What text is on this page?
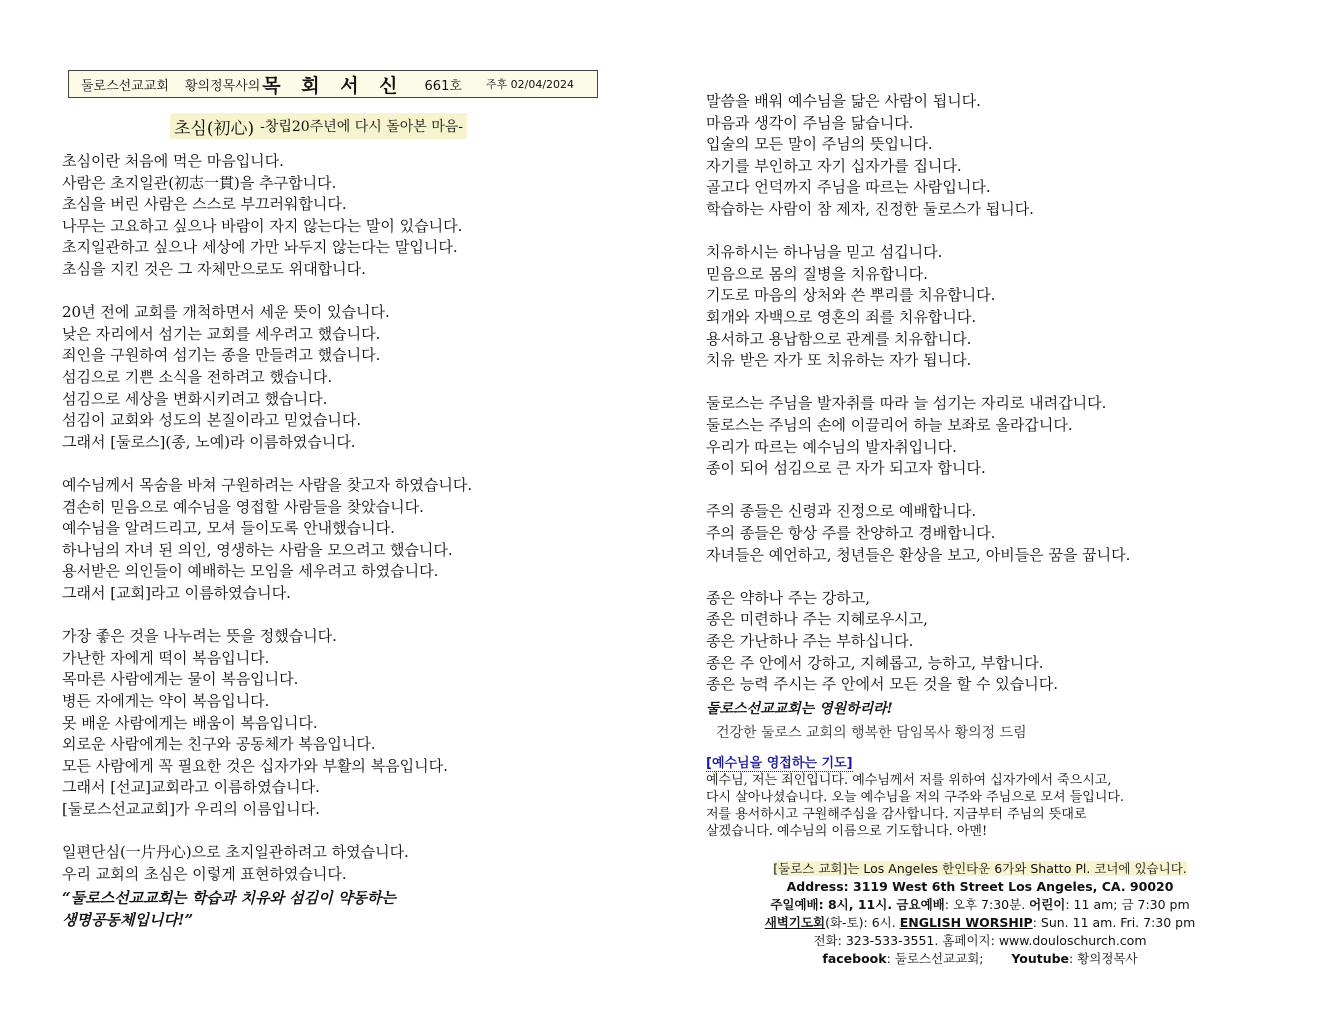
둘로스선교교회 황의정목사의 목 회 서 신 661호 주후 02/04/2024
초심(初心) -창립20주년에 다시 돌아본 마음-
초심이란 처음에 먹은 마음입니다.
사람은 초지일관(初志一貫)을 추구합니다.
초심을 버린 사람은 스스로 부끄러워합니다.
나무는 고요하고 싶으나 바람이 자지 않는다는 말이 있습니다.
초지일관하고 싶으나 세상에 가만 놔두지 않는다는 말입니다.
초심을 지킨 것은 그 자체만으로도 위대합니다.
20년 전에 교회를 개척하면서 세운 뜻이 있습니다.
낮은 자리에서 섬기는 교회를 세우려고 했습니다.
죄인을 구원하여 섬기는 종을 만들려고 했습니다.
섬김으로 기쁜 소식을 전하려고 했습니다.
섬김으로 세상을 변화시키려고 했습니다.
섬김이 교회와 성도의 본질이라고 믿었습니다.
그래서 [둘로스](종, 노예)라 이름하였습니다.
예수님께서 목숨을 바쳐 구원하려는 사람을 찾고자 하였습니다.
겸손히 믿음으로 예수님을 영접할 사람들을 찾았습니다.
예수님을 알려드리고, 모셔 들이도록 안내했습니다.
하나님의 자녀 된 의인, 영생하는 사람을 모으려고 했습니다.
용서받은 의인들이 예배하는 모임을 세우려고 하였습니다.
그래서 [교회]라고 이름하였습니다.
가장 좋은 것을 나누려는 뜻을 정했습니다.
가난한 자에게 떡이 복음입니다.
목마른 사람에게는 물이 복음입니다.
병든 자에게는 약이 복음입니다.
못 배운 사람에게는 배움이 복음입니다.
외로운 사람에게는 친구와 공동체가 복음입니다.
모든 사람에게 꼭 필요한 것은 십자가와 부활의 복음입니다.
그래서 [선교]교회라고 이름하였습니다.
[둘로스선교교회]가 우리의 이름입니다.
일편단심(一片丹心)으로 초지일관하려고 하였습니다.
우리 교회의 초심은 이렇게 표현하였습니다.
“둘로스선교교회는 학습과 치유와 섬김이 약동하는
생명공동체입니다!”
말씀을 배워 예수님을 닮은 사람이 됩니다.
마음과 생각이 주님을 닮습니다.
입술의 모든 말이 주님의 뜻입니다.
자기를 부인하고 자기 십자가를 집니다.
골고다 언덕까지 주님을 따르는 사람입니다.
학습하는 사람이 참 제자, 진정한 둘로스가 됩니다.
치유하시는 하나님을 믿고 섬깁니다.
믿음으로 몸의 질병을 치유합니다.
기도로 마음의 상처와 쓴 뿌리를 치유합니다.
회개와 자백으로 영혼의 죄를 치유합니다.
용서하고 용납함으로 관계를 치유합니다.
치유 받은 자가 또 치유하는 자가 됩니다.
둘로스는 주님을 발자취를 따라 늘 섬기는 자리로 내려갑니다.
둘로스는 주님의 손에 이끌리어 하늘 보좌로 올라갑니다.
우리가 따르는 예수님의 발자취입니다.
종이 되어 섬김으로 큰 자가 되고자 합니다.
주의 종들은 신령과 진정으로 예배합니다.
주의 종들은 항상 주를 찬양하고 경배합니다.
자녀들은 예언하고, 청년들은 환상을 보고, 아비들은 꿈을 꿉니다.
종은 약하나 주는 강하고,
종은 미련하나 주는 지혜로우시고,
종은 가난하나 주는 부하십니다.
종은 주 안에서 강하고, 지혜롭고, 능하고, 부합니다.
종은 능력 주시는 주 안에서 모든 것을 할 수 있습니다.
둘로스선교교회는 영원하리라!
건강한 둘로스 교회의 행복한 담임목사 황의정 드림
[예수님을 영접하는 기도]
예수님, 저는 죄인입니다. 예수님께서 저를 위하여 십자가에서 죽으시고,
다시 살아나셨습니다. 오늘 예수님을 저의 구주와 주님으로 모셔 들입니다.
저를 용서하시고 구원해주심을 감사합니다. 지금부터 주님의 뜻대로
살겠습니다. 예수님의 이름으로 기도합니다. 아멘!
[둘로스 교회]는 Los Angeles 한인타운 6가와 Shatto Pl. 코너에 있습니다.
Address: 3119 West 6th Street Los Angeles, CA. 90020
주일예배: 8시, 11시. 금요예배: 오후 7:30분. 어린이: 11 am; 금 7:30 pm
새벽기도회(화-토): 6시. ENGLISH WORSHIP: Sun. 11 am. Fri. 7:30 pm
전화: 323-533-3551. 홈페이지: www.douloschurch.com
facebook: 둘로스선교교회; Youtube: 황의정목사
